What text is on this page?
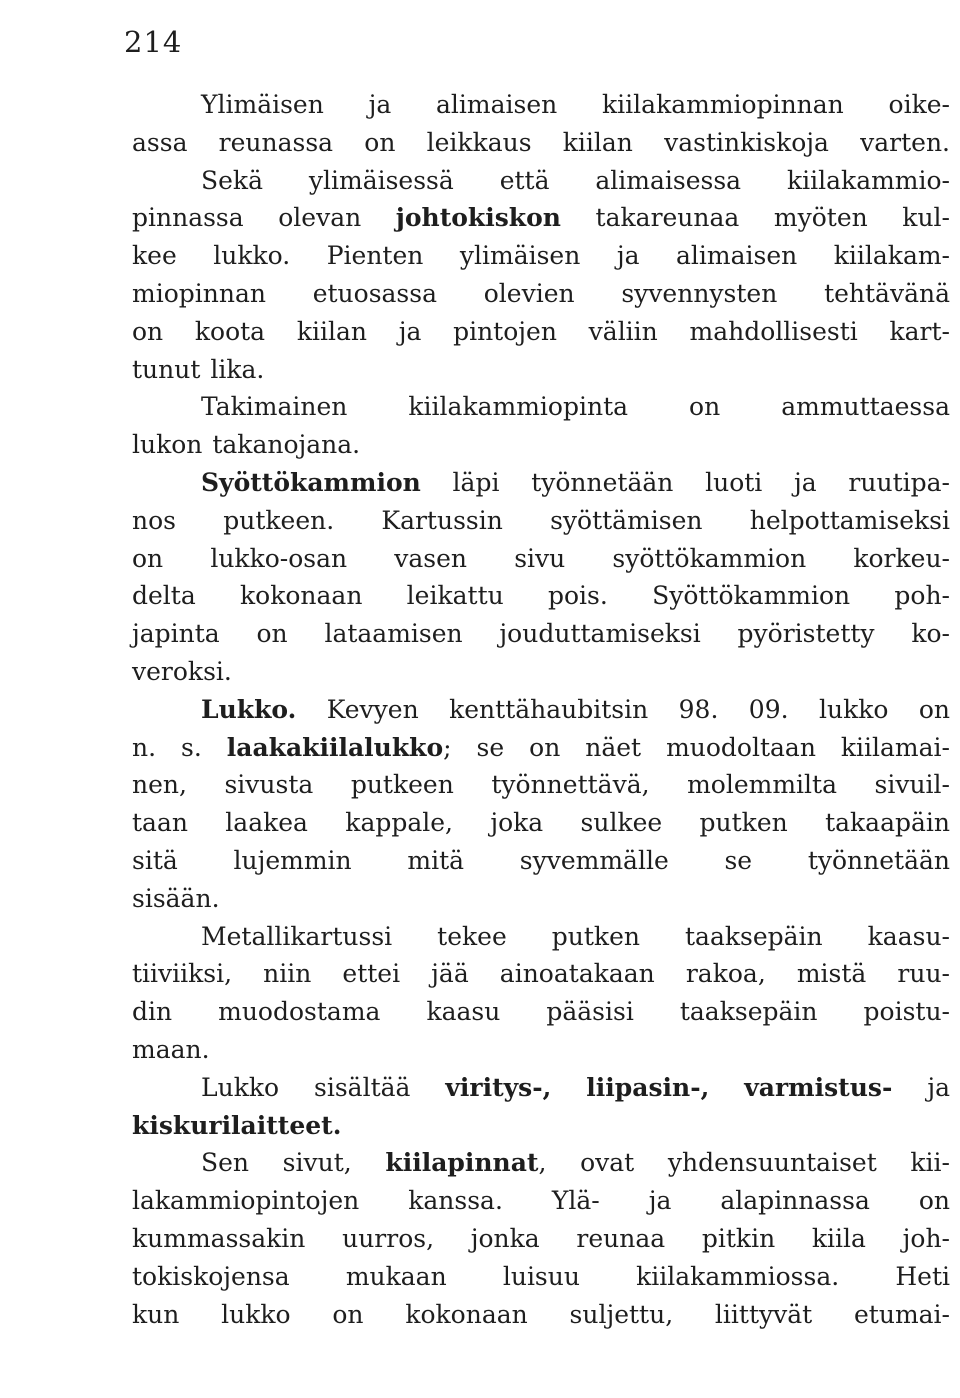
214
Ylimäisen ja alimaisen kiilakammiopinnan oike-
assa reunassa on leikkaus kiilan vastinkiskoja varten.
Sekä ylimäisessä että alimaisessa kiilakammio-
pinnassa olevan johtokiskon takareunaa myöten kul-
kee lukko. Pienten ylimäisen ja alimaisen kiilakam-
miopinnan etuosassa olevien syvennysten tehtävänä
on koota kiilan ja pintojen väliin mahdollisesti kart-
tunut lika.
Takimainen kiilakammiopinta on ammuttaessa
lukon takanojana.
Syöttökammion läpi työnnetään luoti ja ruutipa-
nos putkeen. Kartussin syöttämisen helpottamiseksi
on lukko-osan vasen sivu syöttökammion korkeu-
delta kokonaan leikattu pois. Syöttökammion poh-
japinta on lataamisen jouduttamiseksi pyöristetty ko-
veroksi.
Lukko. Kevyen kenttähaubitsin 98. 09. lukko on
n. s. laakakiilalukko; se on näet muodoltaan kiilamai-
nen, sivusta putkeen työnnettävä, molemmilta sivuil-
taan laakea kappale, joka sulkee putken takaapäin
sitä lujemmin mitä syvemmälle se työnnetään
sisään.
Metallikartussi tekee putken taaksepäin kaasu-
tiiviiksi, niin ettei jää ainoatakaan rakoa, mistä ruu-
din muodostama kaasu pääsisi taaksepäin poistu-
maan.
Lukko sisältää viritys-, liipasin-, varmistus- ja
kiskurilaitteet.
Sen sivut, kiilapinnat, ovat yhdensuuntaiset kii-
lakammiopintojen kanssa. Ylä- ja alapinnassa on
kummassakin uurros, jonka reunaa pitkin kiila joh-
tokiskojensa mukaan luisuu kiilakammiossa. Heti
kun lukko on kokonaan suljettu, liittyvät etumai-
